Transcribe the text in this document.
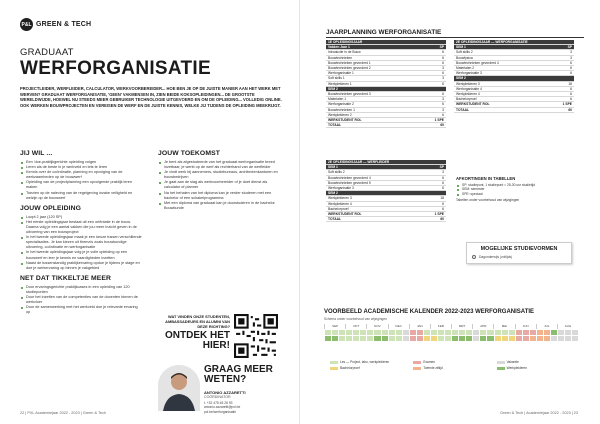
P&L GREEN & TECH
GRADUAAT
WERFORGANISATIE
PROJECTLEIDER, WERFLEIDER, CALCULATOR, WERKVOORBEREIDER... HOE BEN JE OP DE JUISTE MANIER AAN HET WERK MET WERVEN? GRADUAAT WERFORGANISATIE, 'GEEN' VAKMENSEN IN, ZIEN BEIDE KOKSOPLEIDINGEN... DE GROOTSTE WERELDWIJDE, HOEWEL NU STEEDS MEER GEBRUIKER TECHNOLOGIE UITGEVOERD EN OM DE OPLEIDING... VOLLEDIG ONLINE. OOK WERKEN BOUWPROJECTEN EN VEREISEN DE WERF EN DE JUISTE KENNIS, WELKE JIJ TIJDENS DE OPLEIDING MEEKRIJGT.
JIJ WIL ...
Een 'doe-praktijkgerichte opleiding volgen
Leren als de beste in je werkveld en iets te leren
Kennis over de coördinatie, planning en opvolging van de werkzaamheden op de bouwwerf
Opleiding van de projectplanning een opvolgende praktijk leren maken
Toezien op de naleving van de regelgeving inzake veiligheid en welzijn op de bouwwerf
JOUW OPLEIDING
Loopt 2 jaar (120 SP)
Het eerste opleidingsjaar bestaat uit een oriëntatie in de bouw. Daarna volg je een aantal vakken die jou meer inzicht geven in de uitvoering van een bouwproject
In het tweede opleidingsjaar maak je een keuze tussen verschillende specialisaties. Je kan kiezen uit thema's zoals bouwkundige uitvoering, coördinatie en werforganisatie
In het tweede opleidingsjaar volg je je volle opleiding op een bouwwerf en leer je kennis en vaardigheden inzetten
Naast de tussenstandig praktijkervaring opdoe je tijdens je stage en doe je werkervaring op binnen je vakgebied
NET DAT TIKKELTJE MEER
Door ervaringsgerichte praktijkcases in een opleiding van 120 studiepunten
Door het inzetten van de competenties van de docenten binnen de werkvloer
Door de samenwerking met het werkveld doe je relevante ervaring op
JOUW TOEKOMST
Je bent als afgestudeerde van het graduaat werforganisatie breed inzetbaar, je werkt op de werf als rechterhand van de werfleider
Je vindt werk bij aannemers, studiebureaus, architectenkantoren en bouwbedrijven
Je gaat aan de slag als werkvoorbereider of je doet dienst als calculator of planner
Na het behalen van het diploma kan je verder studeren met een bachelor of een schakelprogramma
Met een diploma van graduaat kan je doorstuderen in de bachelor Bouwkunde
WAT VINDEN ONZE STUDENTEN, AMBASSADEURS EN ALUMNI VAN DEZE RICHTING?
ONTDEK HET HIER!
GRAAG MEER WETEN?
ANTONIO AZZARETTI
COÖRDINATOR
t. +32 475 45 26 93
antonio.azzaretti@pxl.be
pxl.be/werforganisatie
22 | PXL Academiejaar 2022 - 2023 | Green & Tech
JAARPLANNING WERFORGANISATIE
1E OPLEIDINGSJAAR	
Vakken Jaar 1	SP
Introductie in de Bouw	6
Bouwtechnieken	6
Bouwtechnieken gevorderd 1	6
Bouwtechnieken gevorderd 2	3
Werforganisatie 1	6
Soft skills 1	3
Werkplekleren 1	6
SEM 2	
Bouwtechnieken gevorderd 3	6
Materialen 1	3
Werforganisatie 2	6
Bouwtechnieken 1	3
Werkplekleren 2	6
WERKSTUDENT ROL	1 SPE
TOTAAL	60
2E OPLEIDINGSJAAR — WERFORGANISATIE	
SEM 1	SP
Soft skills 2	3
Bouwfysica	3
Bouwtechnieken gevorderd 4	6
Materialen 2	6
Werforganisatie 3	6
SEM 2	
Werkplekleren 3	18
Werforganisatie 4	6
Werkplekleren 4	6
Bachelorproef	6
WERKSTUDENT ROL	1 SPE
TOTAAL	60
2E OPLEIDINGSJAAR — WERFLEIDER	
SEM 1	SP
Soft skills 2	3
Bouwtechnieken gevorderd 4	6
Bouwtechnieken gevorderd 5	6
Werforganisatie 3	6
SEM 2	
Werkplekleren 3	18
Werkplekleren 4	6
Bachelorproef	6
WERKSTUDENT ROL	1 SPE
TOTAAL	60
AFKORTINGEN IN TABELLEN
SP: studiepunt, 1 studiepunt = 25-30 uur studietijd
SEM: semester
SPE: speciaal
Tabellen onder voorbehoud van wijzigingen
MOGELIJKE STUDIEVORMEN
Dagonderwijs (voltijds)
VOORBEELD ACADEMISCHE KALENDER 2022-2023 WERFORGANISATIE
Schema onder voorbehoud van wijzigingen
SEP	OKT	NOV	DEC	JAN	FEB	MRT	APR	MEI	JUN	JUL	AUG
Les — Project, labo, werkplekleren	Examen	Vakantie
Bachelorproef	Tweede zittijd	Werkplekleren
Green & Tech | Academiejaar 2022 - 2023 | 23
